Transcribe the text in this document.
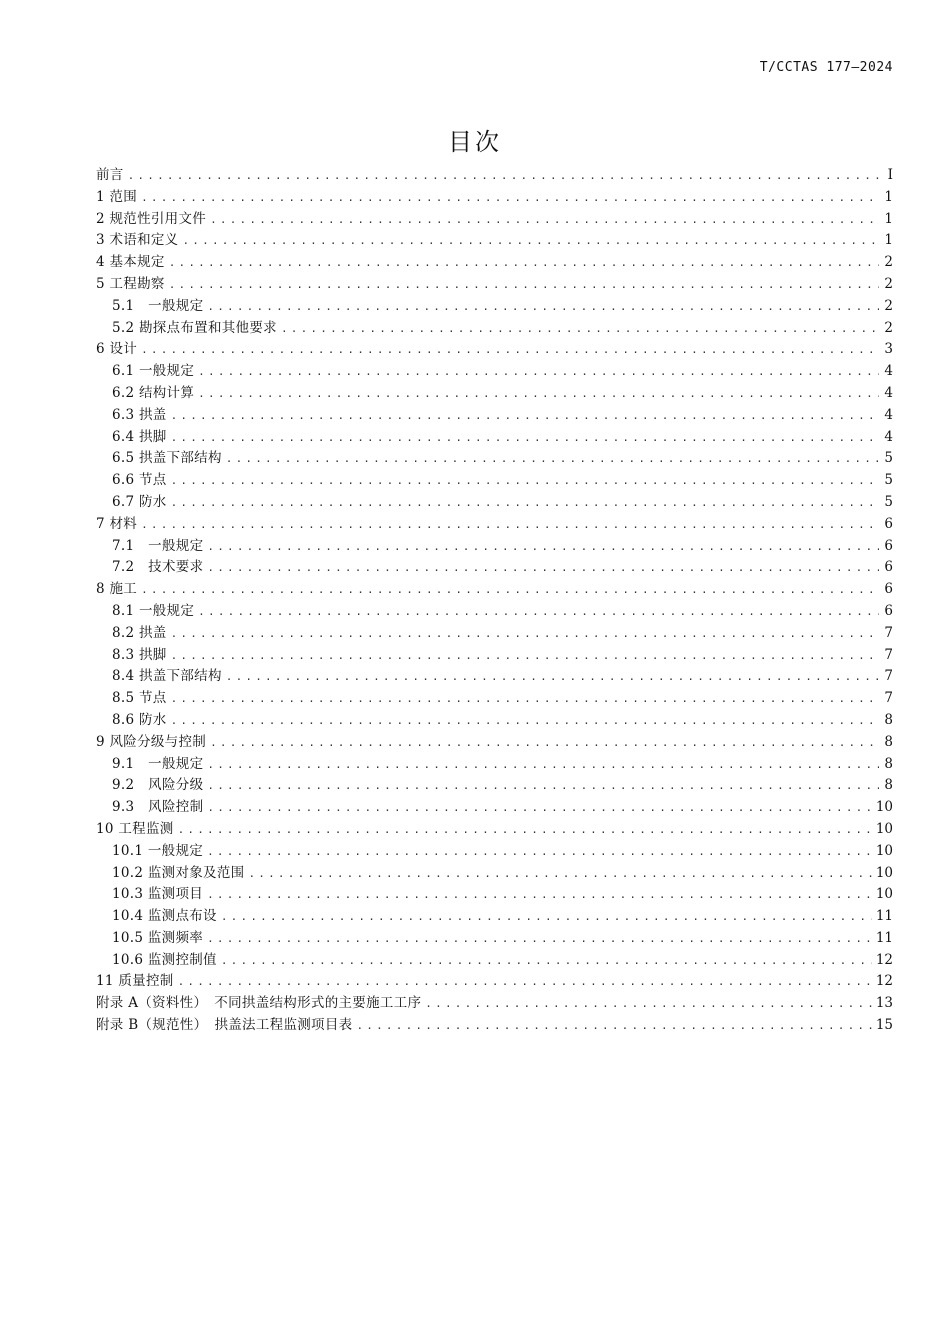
T/CCTAS 177—2024
目次
前言 .....	I
1 范围 .....	1
2 规范性引用文件 .....	1
3 术语和定义 .....	1
4 基本规定 .....	2
5 工程勘察 .....	2
5.1　一般规定 .....	2
5.2 勘探点布置和其他要求 .....	2
6 设计 .....	3
6.1 一般规定 .....	4
6.2 结构计算 .....	4
6.3 拱盖 .....	4
6.4 拱脚 .....	4
6.5 拱盖下部结构 .....	5
6.6 节点 .....	5
6.7 防水 .....	5
7 材料 .....	6
7.1　一般规定 .....	6
7.2　技术要求 .....	6
8 施工 .....	6
8.1 一般规定 .....	6
8.2 拱盖 .....	7
8.3 拱脚 .....	7
8.4 拱盖下部结构 .....	7
8.5 节点 .....	7
8.6 防水 .....	8
9 风险分级与控制 .....	8
9.1　一般规定 .....	8
9.2　风险分级 .....	8
9.3　风险控制 .....	10
10 工程监测 .....	10
10.1 一般规定 .....	10
10.2 监测对象及范围 .....	10
10.3 监测项目 .....	10
10.4 监测点布设 .....	11
10.5 监测频率 .....	11
10.6 监测控制值 .....	12
11 质量控制 .....	12
附录 A（资料性）　不同拱盖结构形式的主要施工工序 .....	13
附录 B（规范性）　拱盖法工程监测项目表 .....	15
